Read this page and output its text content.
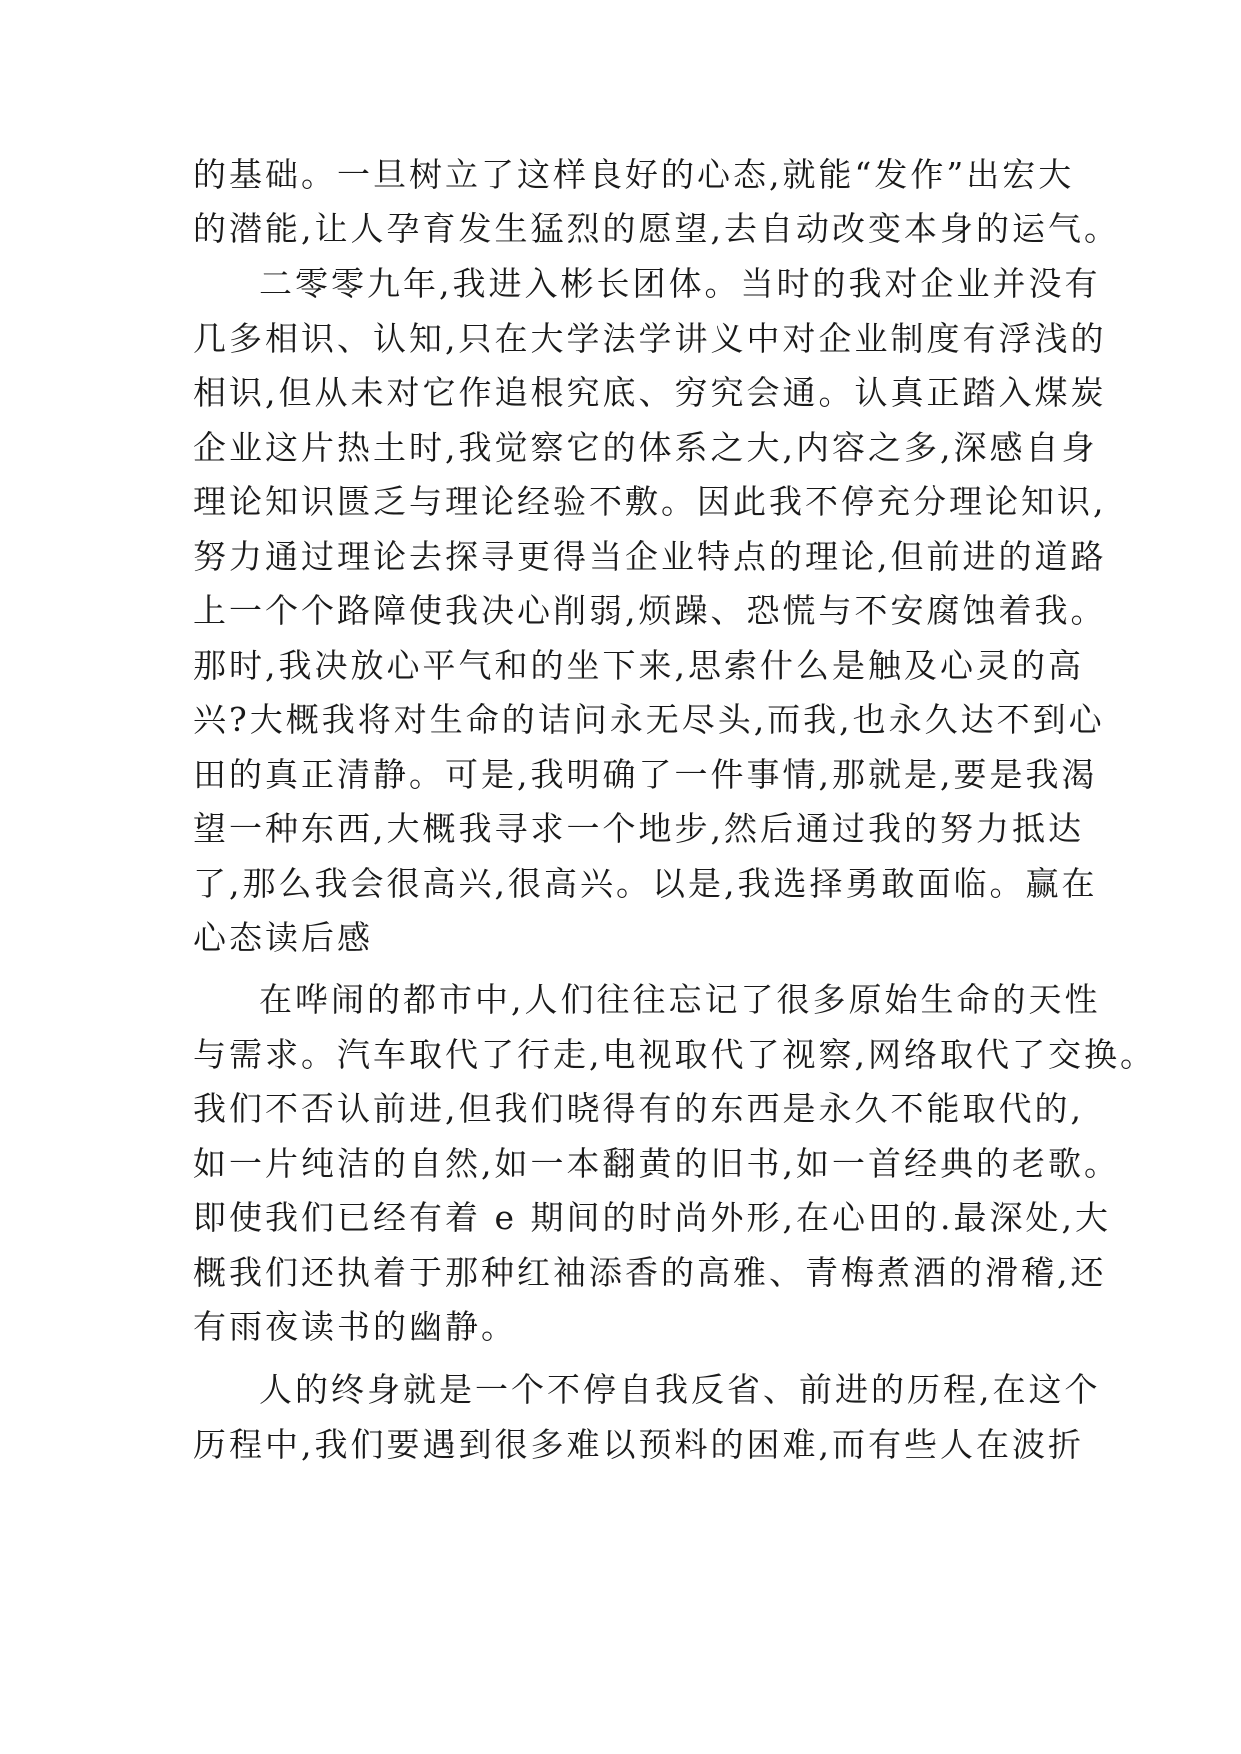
的基础。一旦树立了这样良好的心态,就能“发作”出宏大
的潜能,让人孕育发生猛烈的愿望,去自动改变本身的运气。
二零零九年,我进入彬长团体。当时的我对企业并没有
几多相识、认知,只在大学法学讲义中对企业制度有浮浅的
相识,但从未对它作追根究底、穷究会通。认真正踏入煤炭
企业这片热土时,我觉察它的体系之大,内容之多,深感自身
理论知识匮乏与理论经验不敷。因此我不停充分理论知识,
努力通过理论去探寻更得当企业特点的理论,但前进的道路
上一个个路障使我决心削弱,烦躁、恐慌与不安腐蚀着我。
那时,我决放心平气和的坐下来,思索什么是触及心灵的高
兴?大概我将对生命的诘问永无尽头,而我,也永久达不到心
田的真正清静。可是,我明确了一件事情,那就是,要是我渴
望一种东西,大概我寻求一个地步,然后通过我的努力抵达
了,那么我会很高兴,很高兴。以是,我选择勇敢面临。赢在
心态读后感
在哗闹的都市中,人们往往忘记了很多原始生命的天性
与需求。汽车取代了行走,电视取代了视察,网络取代了交换。
我们不否认前进,但我们晓得有的东西是永久不能取代的,
如一片纯洁的自然,如一本翻黄的旧书,如一首经典的老歌。
即使我们已经有着 e 期间的时尚外形,在心田的.最深处,大
概我们还执着于那种红袖添香的高雅、青梅煮酒的滑稽,还
有雨夜读书的幽静。
人的终身就是一个不停自我反省、前进的历程,在这个
历程中,我们要遇到很多难以预料的困难,而有些人在波折
